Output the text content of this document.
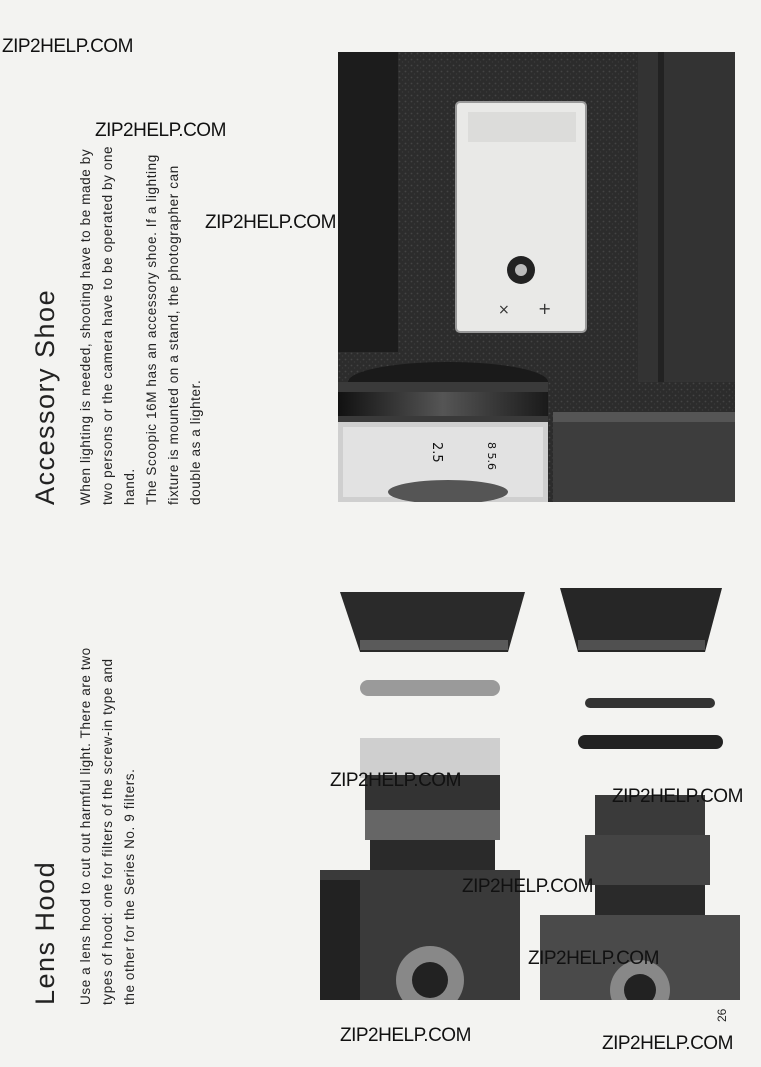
Accessory Shoe When lighting is needed, shooting have to be made by two persons or the camera have to be operated by one hand. The Scoopic 16M has an accessory shoe. If a lighting fixture is mounted on a stand, the photographer can double as a lighter.
Lens Hood Use a lens hood to cut out harmful light. There are two types of hood: one for filters of the screw-in type and the other for the Series No. 9 filters.
× +
2.5	8 5.6
26
ZIP2HELP.COM
ZIP2HELP.COM
ZIP2HELP.COM
ZIP2HELP.COM
ZIP2HELP.COM
ZIP2HELP.COM
ZIP2HELP.COM
ZIP2HELP.COM	ZIP2HELP.COM
